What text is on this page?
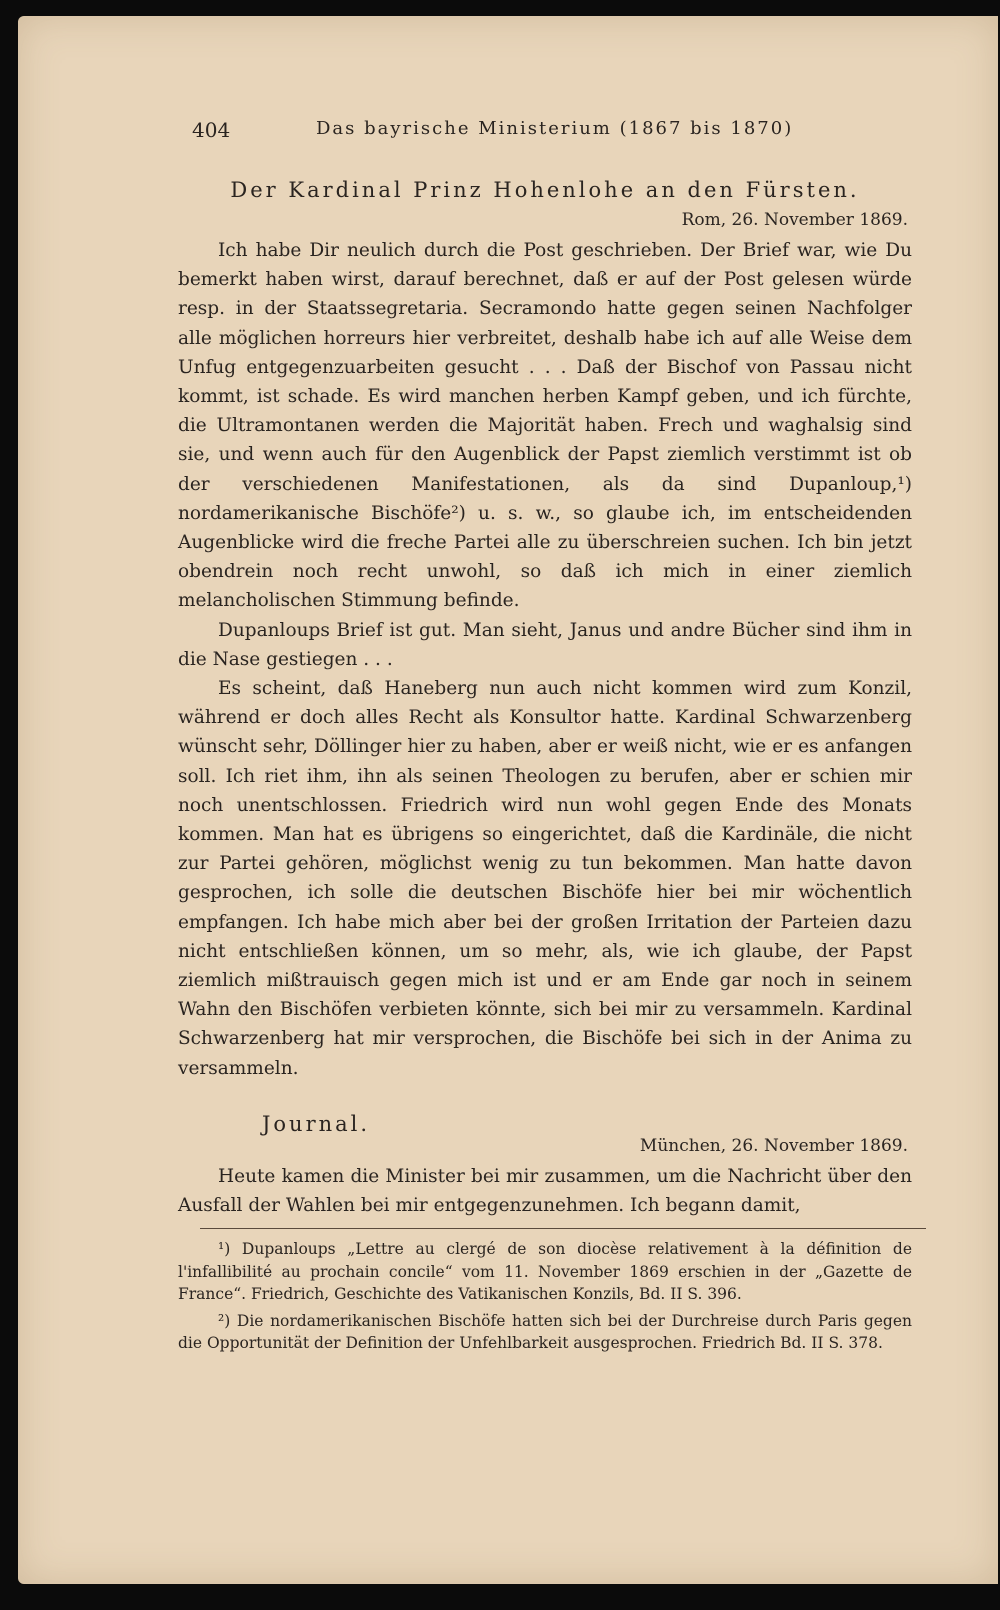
404	Das bayrische Ministerium (1867 bis 1870)

Der Kardinal Prinz Hohenlohe an den Fürsten.

Rom, 26. November 1869.

Ich habe Dir neulich durch die Post geschrieben. Der Brief war, wie Du bemerkt haben wirst, darauf berechnet, daß er auf der Post gelesen würde resp. in der Staatssegretaria. Secramondo hatte gegen seinen Nachfolger alle möglichen horreurs hier verbreitet, deshalb habe ich auf alle Weise dem Unfug entgegenzuarbeiten gesucht . . . Daß der Bischof von Passau nicht kommt, ist schade. Es wird manchen herben Kampf geben, und ich fürchte, die Ultramontanen werden die Majorität haben. Frech und waghalsig sind sie, und wenn auch für den Augenblick der Papst ziemlich verstimmt ist ob der verschiedenen Manifestationen, als da sind Dupanloup,¹) nordamerikanische Bischöfe²) u. s. w., so glaube ich, im entscheidenden Augenblicke wird die freche Partei alle zu überschreien suchen. Ich bin jetzt obendrein noch recht unwohl, so daß ich mich in einer ziemlich melancholischen Stimmung befinde.

Dupanloups Brief ist gut. Man sieht, Janus und andre Bücher sind ihm in die Nase gestiegen . . .

Es scheint, daß Haneberg nun auch nicht kommen wird zum Konzil, während er doch alles Recht als Konsultor hatte. Kardinal Schwarzenberg wünscht sehr, Döllinger hier zu haben, aber er weiß nicht, wie er es anfangen soll. Ich riet ihm, ihn als seinen Theologen zu berufen, aber er schien mir noch unentschlossen. Friedrich wird nun wohl gegen Ende des Monats kommen. Man hat es übrigens so eingerichtet, daß die Kardinäle, die nicht zur Partei gehören, möglichst wenig zu tun bekommen. Man hatte davon gesprochen, ich solle die deutschen Bischöfe hier bei mir wöchentlich empfangen. Ich habe mich aber bei der großen Irritation der Parteien dazu nicht entschließen können, um so mehr, als, wie ich glaube, der Papst ziemlich mißtrauisch gegen mich ist und er am Ende gar noch in seinem Wahn den Bischöfen verbieten könnte, sich bei mir zu versammeln. Kardinal Schwarzenberg hat mir versprochen, die Bischöfe bei sich in der Anima zu versammeln.

Journal.

München, 26. November 1869.

Heute kamen die Minister bei mir zusammen, um die Nachricht über den Ausfall der Wahlen bei mir entgegenzunehmen. Ich begann damit,

¹) Dupanloups „Lettre au clergé de son diocèse relativement à la définition de l'infallibilité au prochain concile“ vom 11. November 1869 erschien in der „Gazette de France“. Friedrich, Geschichte des Vatikanischen Konzils, Bd. II S. 396.

²) Die nordamerikanischen Bischöfe hatten sich bei der Durchreise durch Paris gegen die Opportunität der Definition der Unfehlbarkeit ausgesprochen. Friedrich Bd. II S. 378.
